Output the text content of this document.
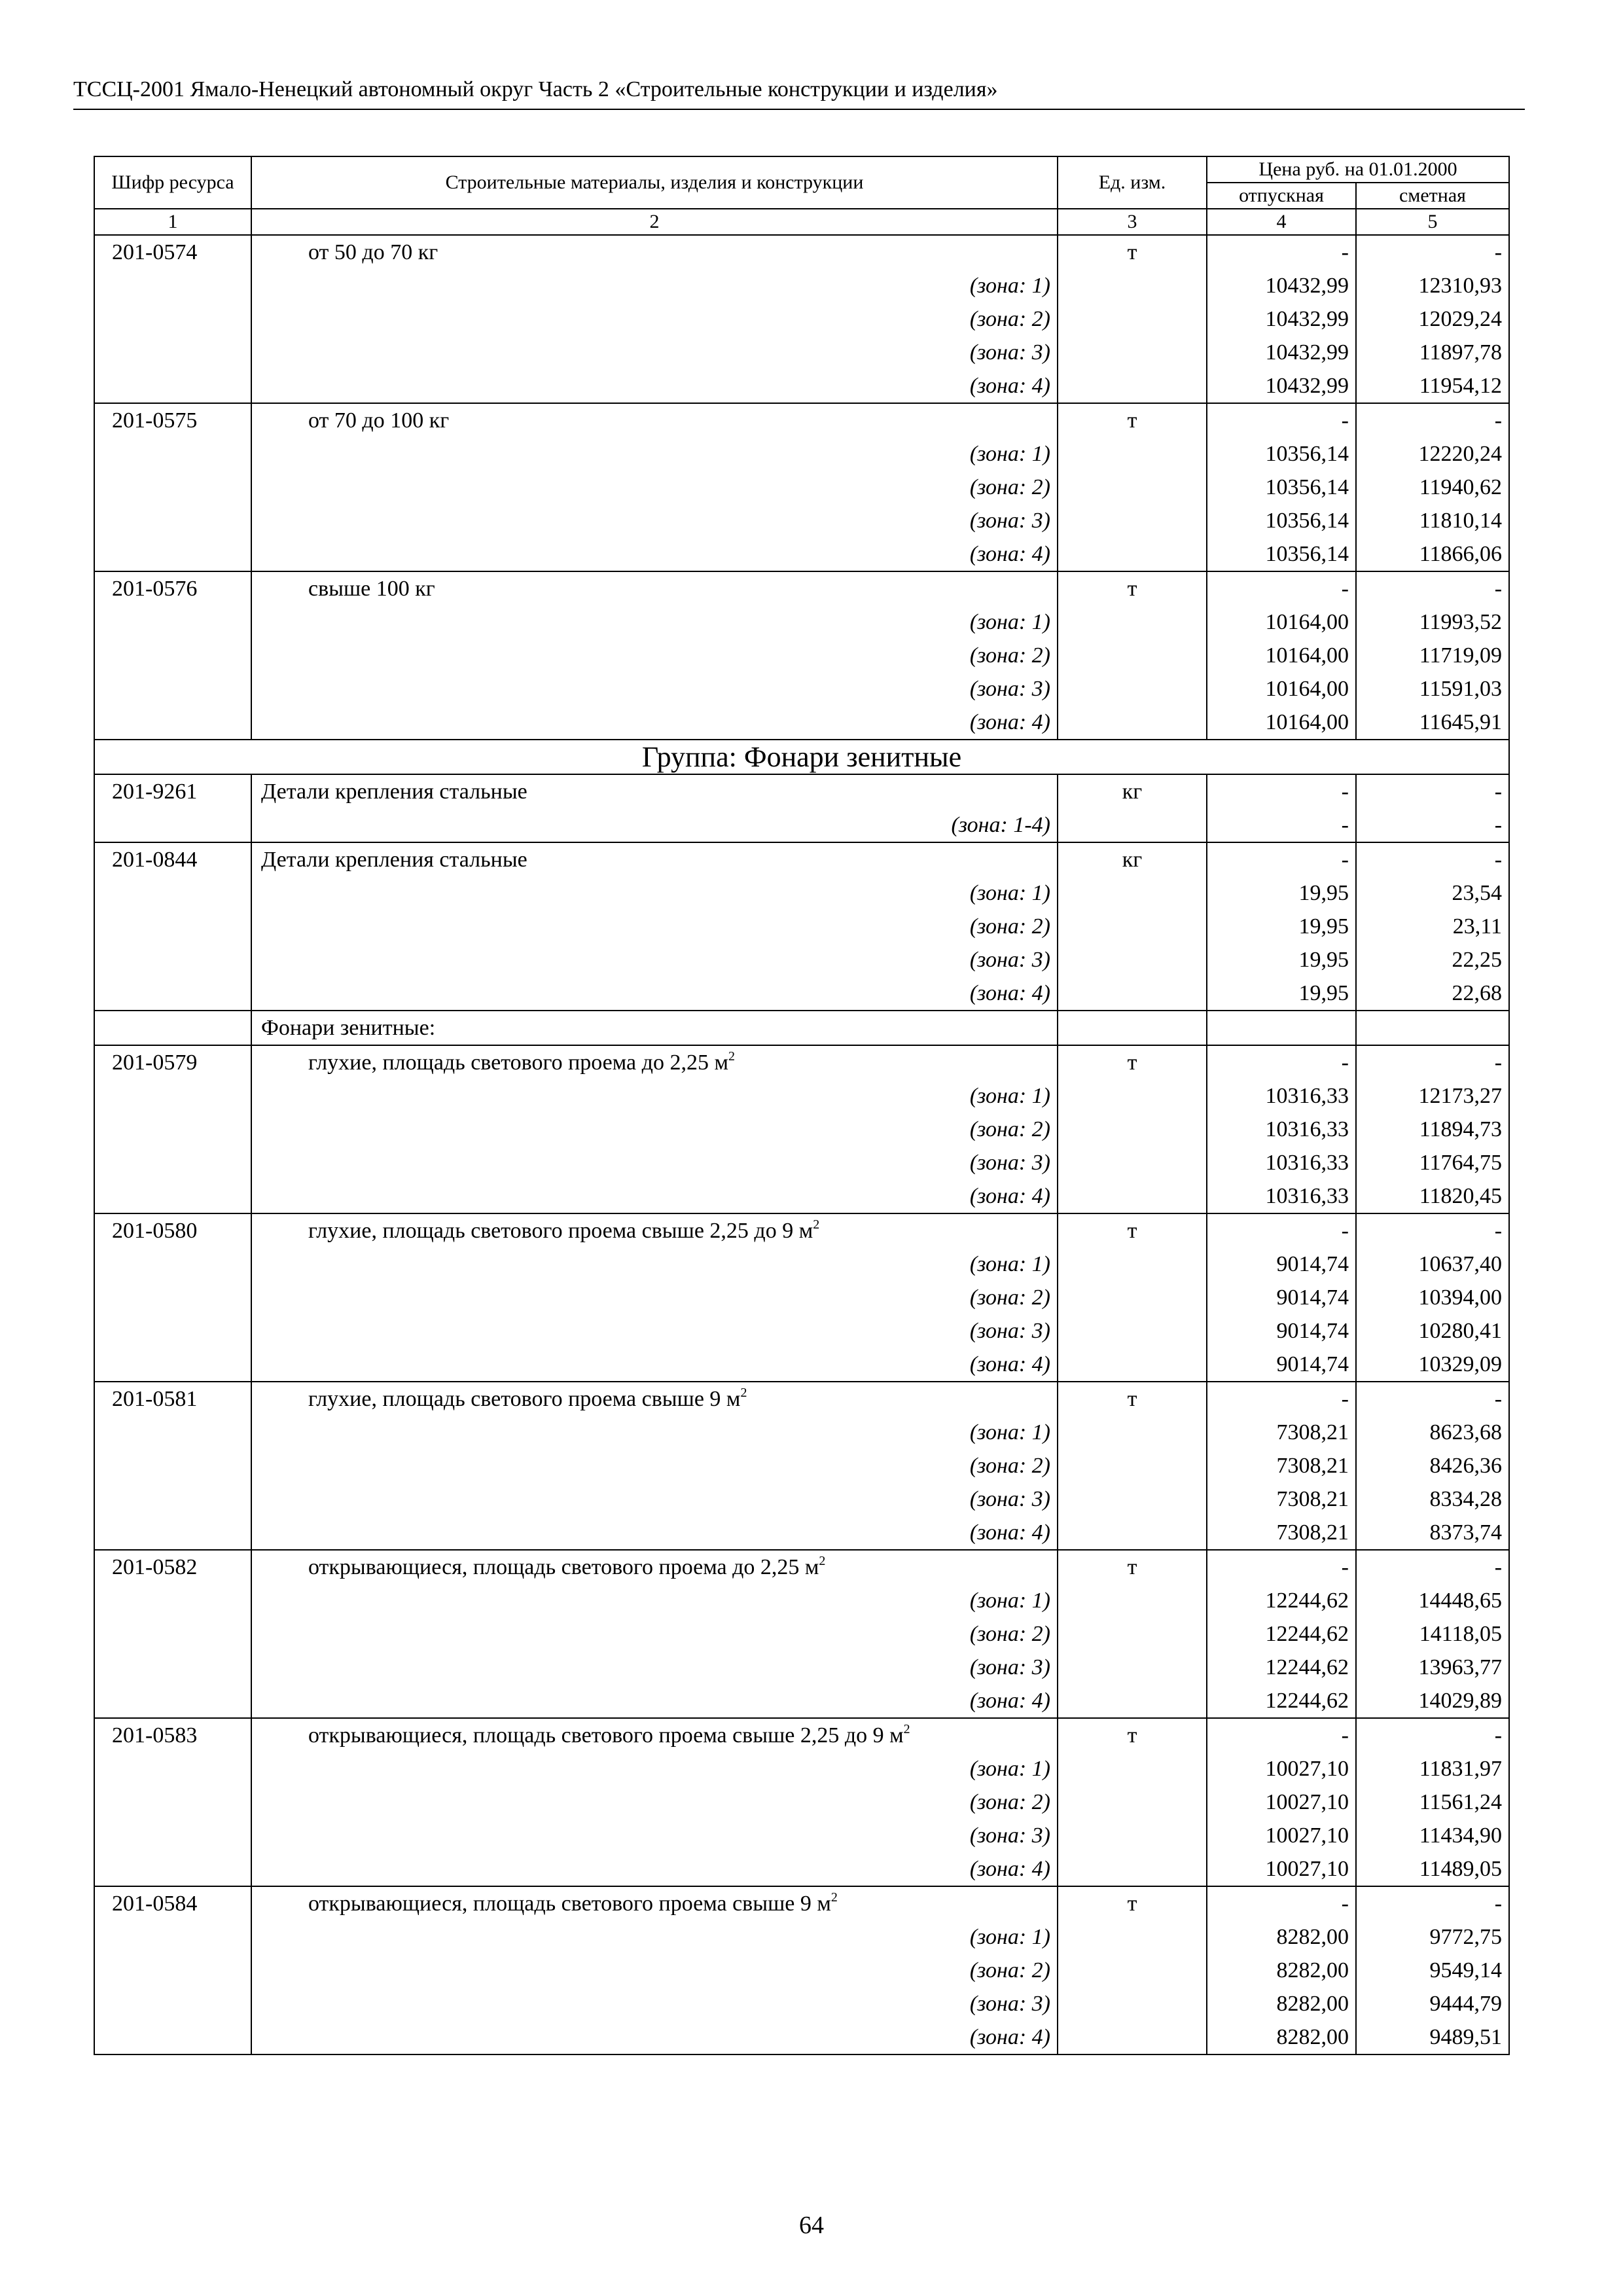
ТССЦ-2001 Ямало-Ненецкий автономный округ Часть 2 «Строительные конструкции и изделия»
Шифр ресурса	Строительные материалы, изделия и конструкции	Ед. изм.	Цена руб. на 01.01.2000	
			отпускная	сметная
1	2	3	4	5
201-0574	от 50 до 70 кг	т	-	-
	(зона: 1)		10432,99	12310,93
	(зона: 2)		10432,99	12029,24
	(зона: 3)		10432,99	11897,78
	(зона: 4)		10432,99	11954,12
201-0575	от 70 до 100 кг	т	-	-
	(зона: 1)		10356,14	12220,24
	(зона: 2)		10356,14	11940,62
	(зона: 3)		10356,14	11810,14
	(зона: 4)		10356,14	11866,06
201-0576	свыше 100 кг	т	-	-
	(зона: 1)		10164,00	11993,52
	(зона: 2)		10164,00	11719,09
	(зона: 3)		10164,00	11591,03
	(зона: 4)		10164,00	11645,91
Группа: Фонари зенитные				
201-9261	Детали крепления стальные	кг	-	-
	(зона: 1-4)		-	-
201-0844	Детали крепления стальные	кг	-	-
	(зона: 1)		19,95	23,54
	(зона: 2)		19,95	23,11
	(зона: 3)		19,95	22,25
	(зона: 4)		19,95	22,68
	Фонари зенитные:			
201-0579	глухие, площадь светового проема до 2,25 $м^2$	т	-	-
	(зона: 1)		10316,33	12173,27
	(зона: 2)		10316,33	11894,73
	(зона: 3)		10316,33	11764,75
	(зона: 4)		10316,33	11820,45
201-0580	глухие, площадь светового проема свыше 2,25 до 9 $м^2$	т	-	-
	(зона: 1)		9014,74	10637,40
	(зона: 2)		9014,74	10394,00
	(зона: 3)		9014,74	10280,41
	(зона: 4)		9014,74	10329,09
201-0581	глухие, площадь светового проема свыше 9 $м^2$	т	-	-
	(зона: 1)		7308,21	8623,68
	(зона: 2)		7308,21	8426,36
	(зона: 3)		7308,21	8334,28
	(зона: 4)		7308,21	8373,74
201-0582	открывающиеся, площадь светового проема до 2,25 $м^2$	т	-	-
	(зона: 1)		12244,62	14448,65
	(зона: 2)		12244,62	14118,05
	(зона: 3)		12244,62	13963,77
	(зона: 4)		12244,62	14029,89
201-0583	открывающиеся, площадь светового проема свыше 2,25 до 9 $м^2$	т	-	-
	(зона: 1)		10027,10	11831,97
	(зона: 2)		10027,10	11561,24
	(зона: 3)		10027,10	11434,90
	(зона: 4)		10027,10	11489,05
201-0584	открывающиеся, площадь светового проема свыше 9 $м^2$	т	-	-
	(зона: 1)		8282,00	9772,75
	(зона: 2)		8282,00	9549,14
	(зона: 3)		8282,00	9444,79
	(зона: 4)		8282,00	9489,51
64
